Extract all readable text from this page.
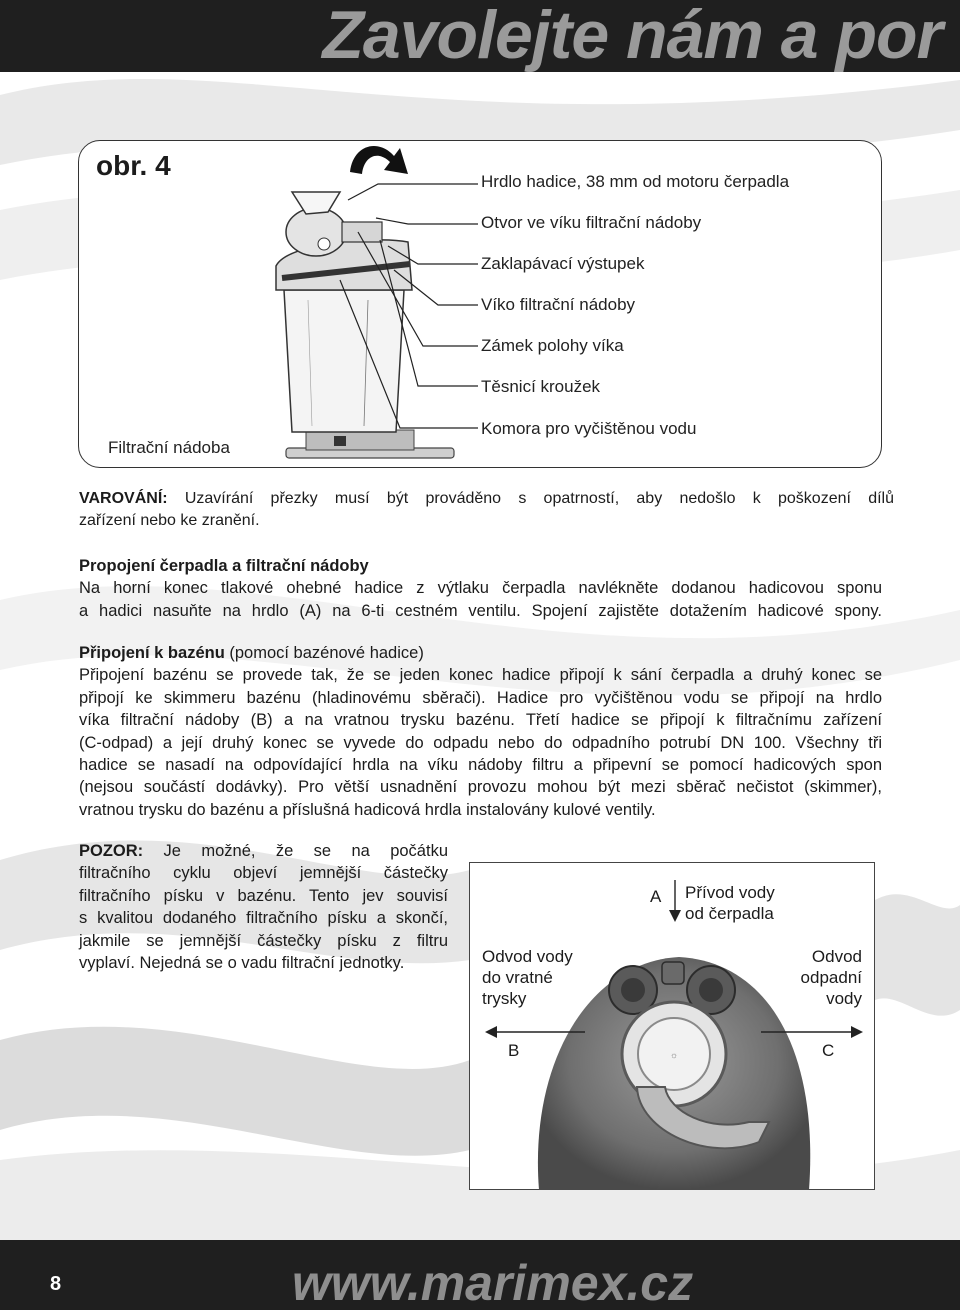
Zavolejte nám a por
obr. 4
Hrdlo hadice, 38 mm od motoru čerpadla
Otvor ve víku filtrační nádoby
Zaklapávací výstupek
Víko filtrační nádoby
Zámek polohy víka
Těsnicí kroužek
Komora pro vyčištěnou vodu
Filtrační nádoba
VAROVÁNÍ: Uzavírání přezky musí být prováděno s opatrností, aby nedošlo k poškození dílů
zařízení nebo ke zranění.
Propojení čerpadla a filtrační nádoby
Na horní konec tlakové ohebné hadice z výtlaku čerpadla navlékněte dodanou hadicovou sponu
a hadici nasuňte na hrdlo (A) na 6-ti cestném ventilu. Spojení zajistěte dotažením hadicové spony.
Připojení k bazénu (pomocí bazénové hadice)
Připojení bazénu se provede tak, že se jeden konec hadice připojí k sání čerpadla a druhý konec se
připojí ke skimmeru bazénu (hladinovému sběrači). Hadice pro vyčištěnou vodu se připojí na hrdlo
víka filtrační nádoby (B) a na vratnou trysku bazénu. Třetí hadice se připojí k filtračnímu zařízení
(C-odpad) a její druhý konec se vyvede do odpadu nebo do odpadního potrubí DN 100. Všechny tři
hadice se nasadí na odpovídající hrdla na víku nádoby filtru a připevní se pomocí hadicových spon
(nejsou součástí dodávky). Pro větší usnadnění provozu mohou být mezi sběrač nečistot (skimmer),
vratnou trysku do bazénu a příslušná hadicová hrdla instalovány kulové ventily.
POZOR: Je možné, že se na počátku
filtračního cyklu objeví jemnější částečky
filtračního písku v bazénu. Tento jev souvisí
s kvalitou dodaného filtračního písku a skončí,
jakmile se jemnější částečky písku z filtru
vyplaví. Nejedná se o vadu filtrační jednotky.
☼
A Přívod vody
od čerpadla
Odvod vody
do vratné
trysky
Odvod
odpadní
vody
B	C
8	www.marimex.cz
